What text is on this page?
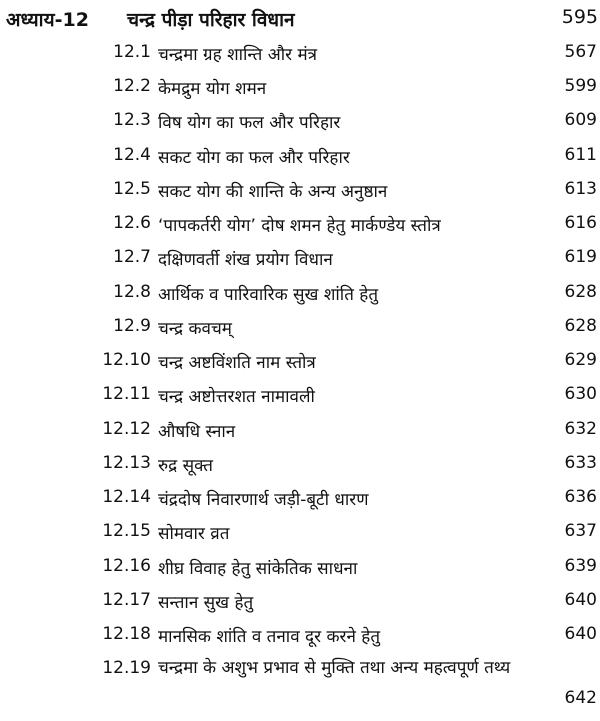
अध्याय-12 चन्द्र पीड़ा परिहार विधान	595
12.1 चन्द्रमा ग्रह शान्ति और मंत्र	567
12.2 केमद्रुम योग शमन	599
12.3 विष योग का फल और परिहार	609
12.4 सकट योग का फल और परिहार	611
12.5 सकट योग की शान्ति के अन्य अनुष्ठान	613
12.6 ‘पापकर्तरी योग’ दोष शमन हेतु मार्कण्डेय स्तोत्र	616
12.7 दक्षिणवर्ती शंख प्रयोग विधान	619
12.8 आर्थिक व पारिवारिक सुख शांति हेतु	628
12.9 चन्द्र कवचम्	628
12.10 चन्द्र अष्टविंशति नाम स्तोत्र	629
12.11 चन्द्र अष्टोत्तरशत नामावली	630
12.12 औषधि स्नान	632
12.13 रुद्र सूक्त	633
12.14 चंद्रदोष निवारणार्थ जड़ी-बूटी धारण	636
12.15 सोमवार व्रत	637
12.16 शीघ्र विवाह हेतु सांकेतिक साधना	639
12.17 सन्तान सुख हेतु	640
12.18 मानसिक शांति व तनाव दूर करने हेतु	640
12.19 चन्द्रमा के अशुभ प्रभाव से मुक्ति तथा अन्य महत्वपूर्ण तथ्य
642
